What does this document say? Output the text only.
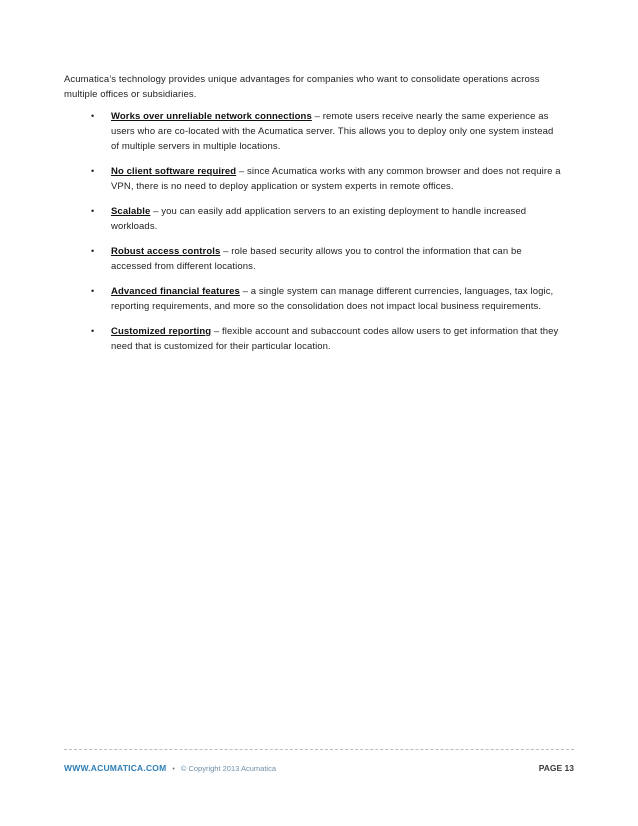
Acumatica’s technology provides unique advantages for companies who want to consolidate operations across multiple offices or subsidiaries.

• Works over unreliable network connections – remote users receive nearly the same experience as users who are co-located with the Acumatica server. This allows you to deploy only one system instead of multiple servers in multiple locations.
• No client software required – since Acumatica works with any common browser and does not require a VPN, there is no need to deploy application or system experts in remote offices.
• Scalable – you can easily add application servers to an existing deployment to handle increased workloads.
• Robust access controls – role based security allows you to control the information that can be accessed from different locations.
• Advanced financial features – a single system can manage different currencies, languages, tax logic, reporting requirements, and more so the consolidation does not impact local business requirements.
• Customized reporting – flexible account and subaccount codes allow users to get information that they need that is customized for their particular location.
WWW.ACUMATICA.COM • © Copyright 2013 Acumatica	PAGE 13
